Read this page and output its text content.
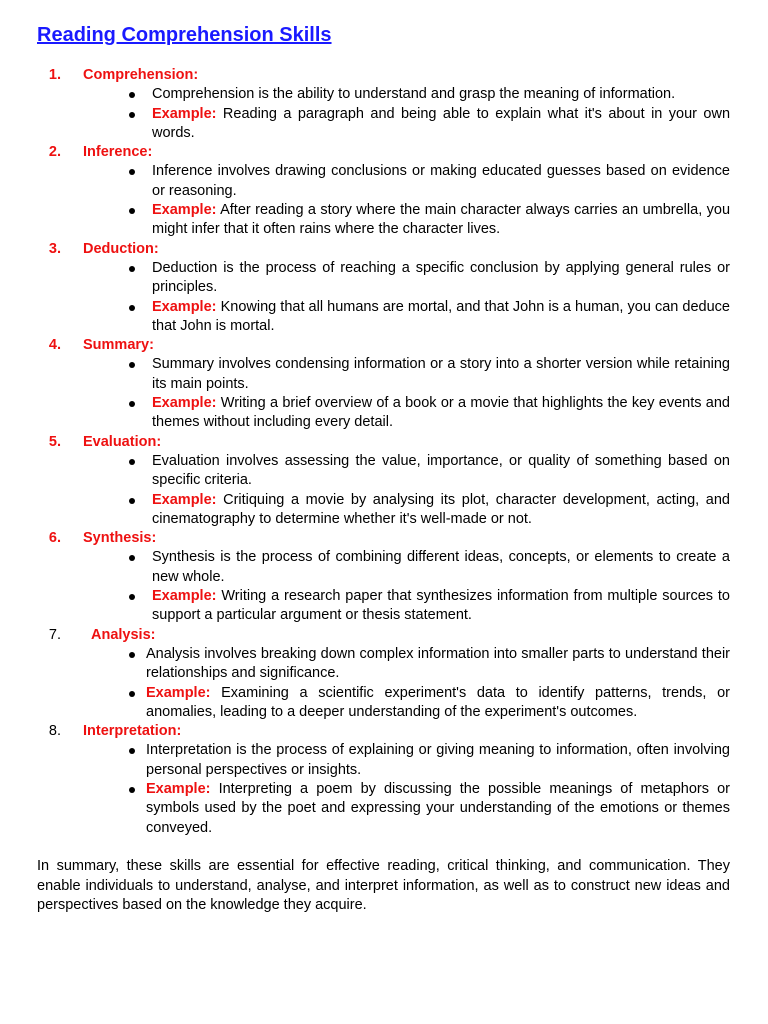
Reading Comprehension Skills
1. Comprehension:
Comprehension is the ability to understand and grasp the meaning of information.
Example: Reading a paragraph and being able to explain what it's about in your own words.
2. Inference:
Inference involves drawing conclusions or making educated guesses based on evidence or reasoning.
Example: After reading a story where the main character always carries an umbrella, you might infer that it often rains where the character lives.
3. Deduction:
Deduction is the process of reaching a specific conclusion by applying general rules or principles.
Example: Knowing that all humans are mortal, and that John is a human, you can deduce that John is mortal.
4. Summary:
Summary involves condensing information or a story into a shorter version while retaining its main points.
Example: Writing a brief overview of a book or a movie that highlights the key events and themes without including every detail.
5. Evaluation:
Evaluation involves assessing the value, importance, or quality of something based on specific criteria.
Example: Critiquing a movie by analysing its plot, character development, acting, and cinematography to determine whether it's well-made or not.
6. Synthesis:
Synthesis is the process of combining different ideas, concepts, or elements to create a new whole.
Example: Writing a research paper that synthesizes information from multiple sources to support a particular argument or thesis statement.
7. Analysis:
Analysis involves breaking down complex information into smaller parts to understand their relationships and significance.
Example: Examining a scientific experiment's data to identify patterns, trends, or anomalies, leading to a deeper understanding of the experiment's outcomes.
8. Interpretation:
Interpretation is the process of explaining or giving meaning to information, often involving personal perspectives or insights.
Example: Interpreting a poem by discussing the possible meanings of metaphors or symbols used by the poet and expressing your understanding of the emotions or themes conveyed.

In summary, these skills are essential for effective reading, critical thinking, and communication. They enable individuals to understand, analyse, and interpret information, as well as to construct new ideas and perspectives based on the knowledge they acquire.
